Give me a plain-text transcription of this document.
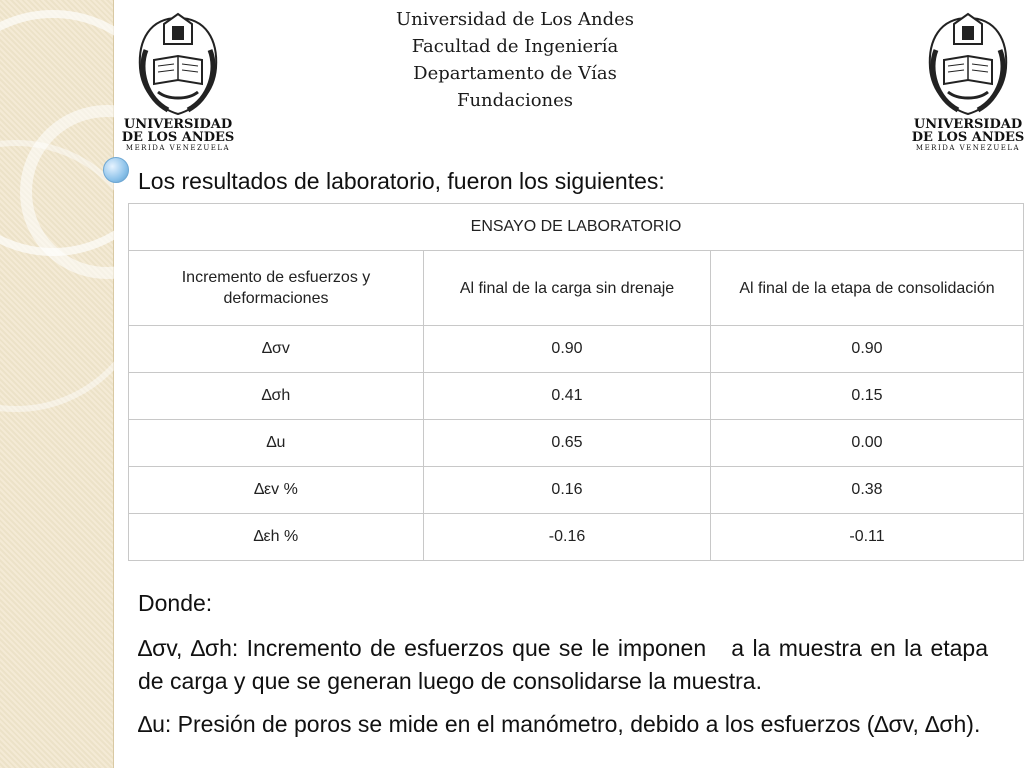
Universidad de Los Andes
Facultad de Ingeniería
Departamento de Vías
Fundaciones
UNIVERSIDAD
DE LOS ANDES
MERIDA VENEZUELA
UNIVERSIDAD
DE LOS ANDES
MERIDA VENEZUELA
Los resultados de laboratorio, fueron los siguientes:
ENSAYO DE LABORATORIO		
Incremento de esfuerzos y deformaciones	Al final de la carga sin drenaje	Al final de la etapa de consolidación
∆σv	0.90	0.90
∆σh	0.41	0.15
∆u	0.65	0.00
∆εv %	0.16	0.38
∆εh %	-0.16	-0.11
Donde:
∆σv, ∆σh: Incremento de esfuerzos que se le imponen   a la muestra en la etapa de carga y que se generan luego de consolidarse la muestra.
∆u: Presión de poros se mide en el manómetro, debido a los esfuerzos (∆σv, ∆σh).
